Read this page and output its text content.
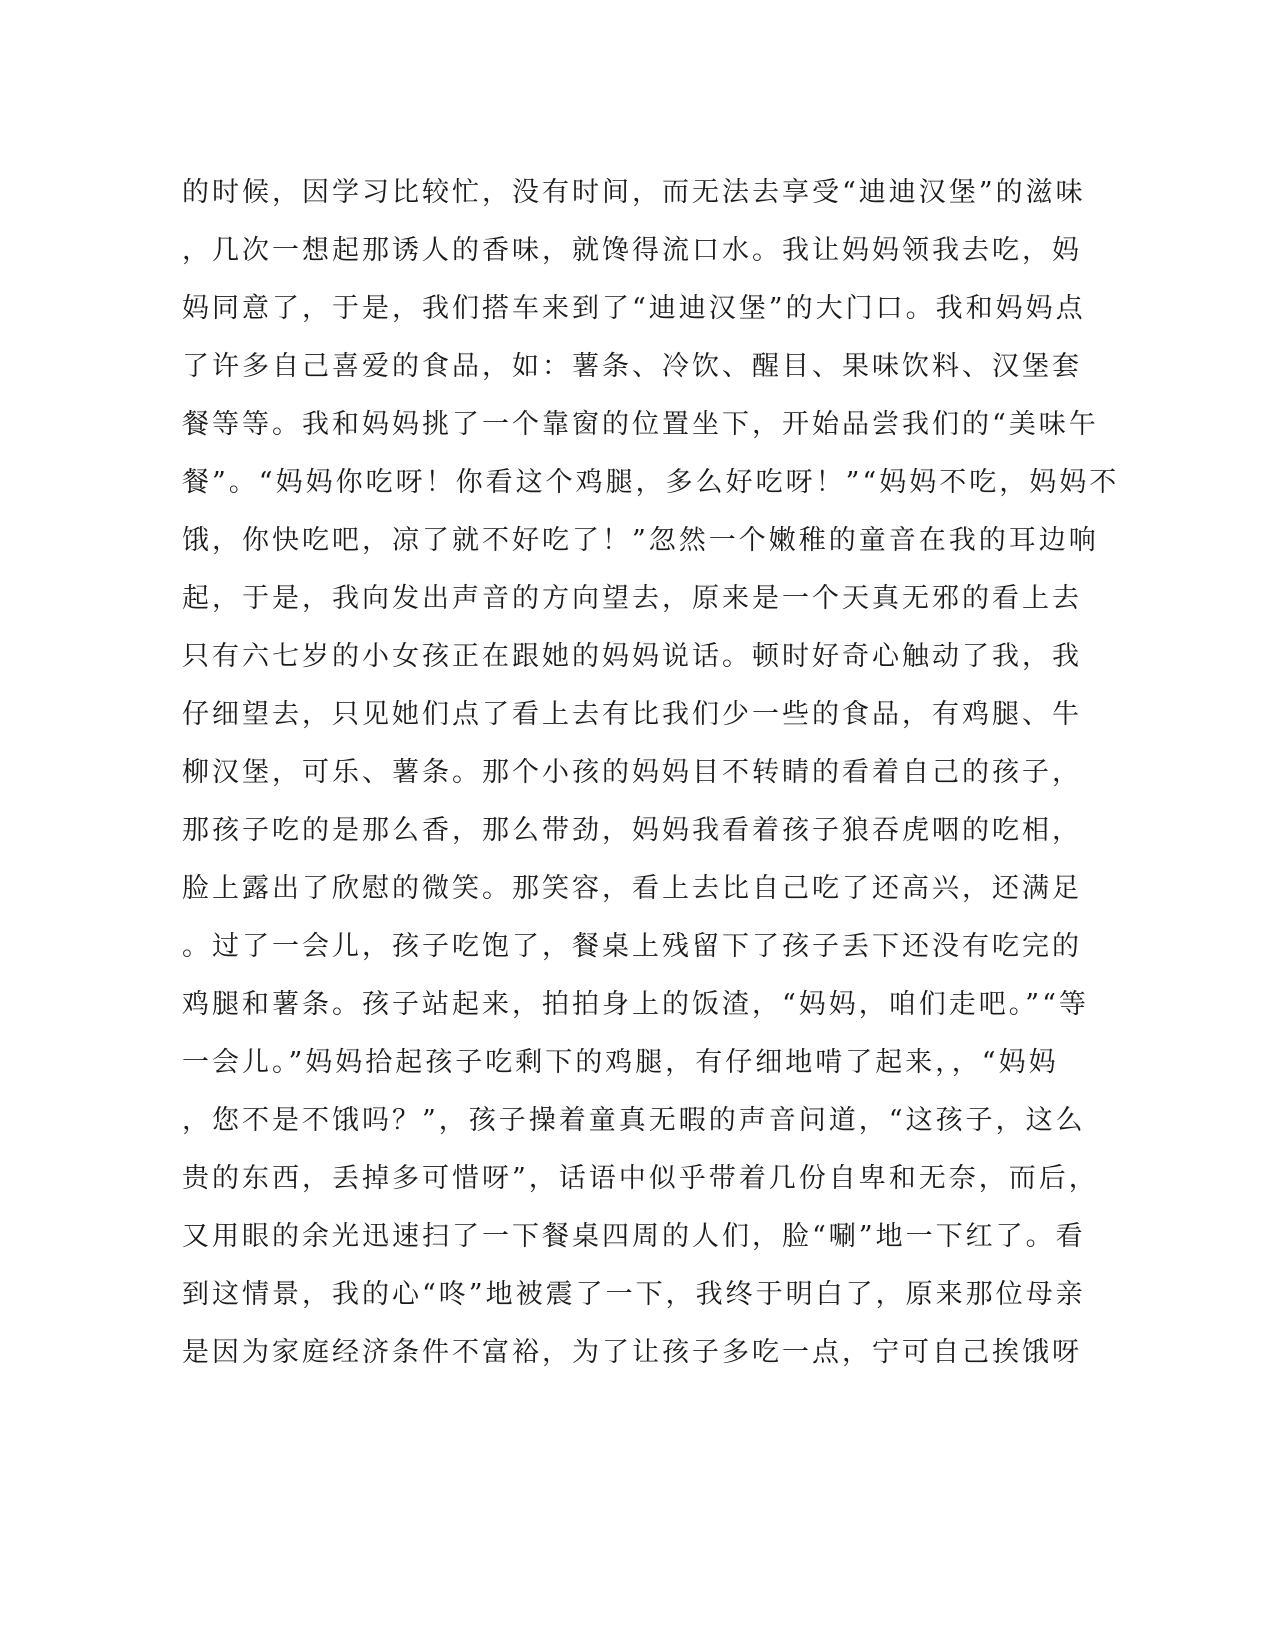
的时候，因学习比较忙，没有时间，而无法去享受“迪迪汉堡”的滋味
，几次一想起那诱人的香味，就馋得流口水。我让妈妈领我去吃，妈
妈同意了，于是，我们搭车来到了“迪迪汉堡”的大门口。我和妈妈点
了许多自己喜爱的食品，如：薯条、冷饮、醒目、果味饮料、汉堡套
餐等等。我和妈妈挑了一个靠窗的位置坐下，开始品尝我们的“美味午
餐”。“妈妈你吃呀！你看这个鸡腿，多么好吃呀！”“妈妈不吃，妈妈不
饿，你快吃吧，凉了就不好吃了！”忽然一个嫩稚的童音在我的耳边响
起，于是，我向发出声音的方向望去，原来是一个天真无邪的看上去
只有六七岁的小女孩正在跟她的妈妈说话。顿时好奇心触动了我，我
仔细望去，只见她们点了看上去有比我们少一些的食品，有鸡腿、牛
柳汉堡，可乐、薯条。那个小孩的妈妈目不转睛的看着自己的孩子，
那孩子吃的是那么香，那么带劲，妈妈我看着孩子狼吞虎咽的吃相，
脸上露出了欣慰的微笑。那笑容，看上去比自己吃了还高兴，还满足
。过了一会儿，孩子吃饱了，餐桌上残留下了孩子丢下还没有吃完的
鸡腿和薯条。孩子站起来，拍拍身上的饭渣，“妈妈，咱们走吧。”“等
一会儿。”妈妈拾起孩子吃剩下的鸡腿，有仔细地啃了起来，，“妈妈
，您不是不饿吗？”，孩子操着童真无暇的声音问道，“这孩子，这么
贵的东西，丢掉多可惜呀”，话语中似乎带着几份自卑和无奈，而后，
又用眼的余光迅速扫了一下餐桌四周的人们，脸“唰”地一下红了。看
到这情景，我的心“咚”地被震了一下，我终于明白了，原来那位母亲
是因为家庭经济条件不富裕，为了让孩子多吃一点，宁可自己挨饿呀
